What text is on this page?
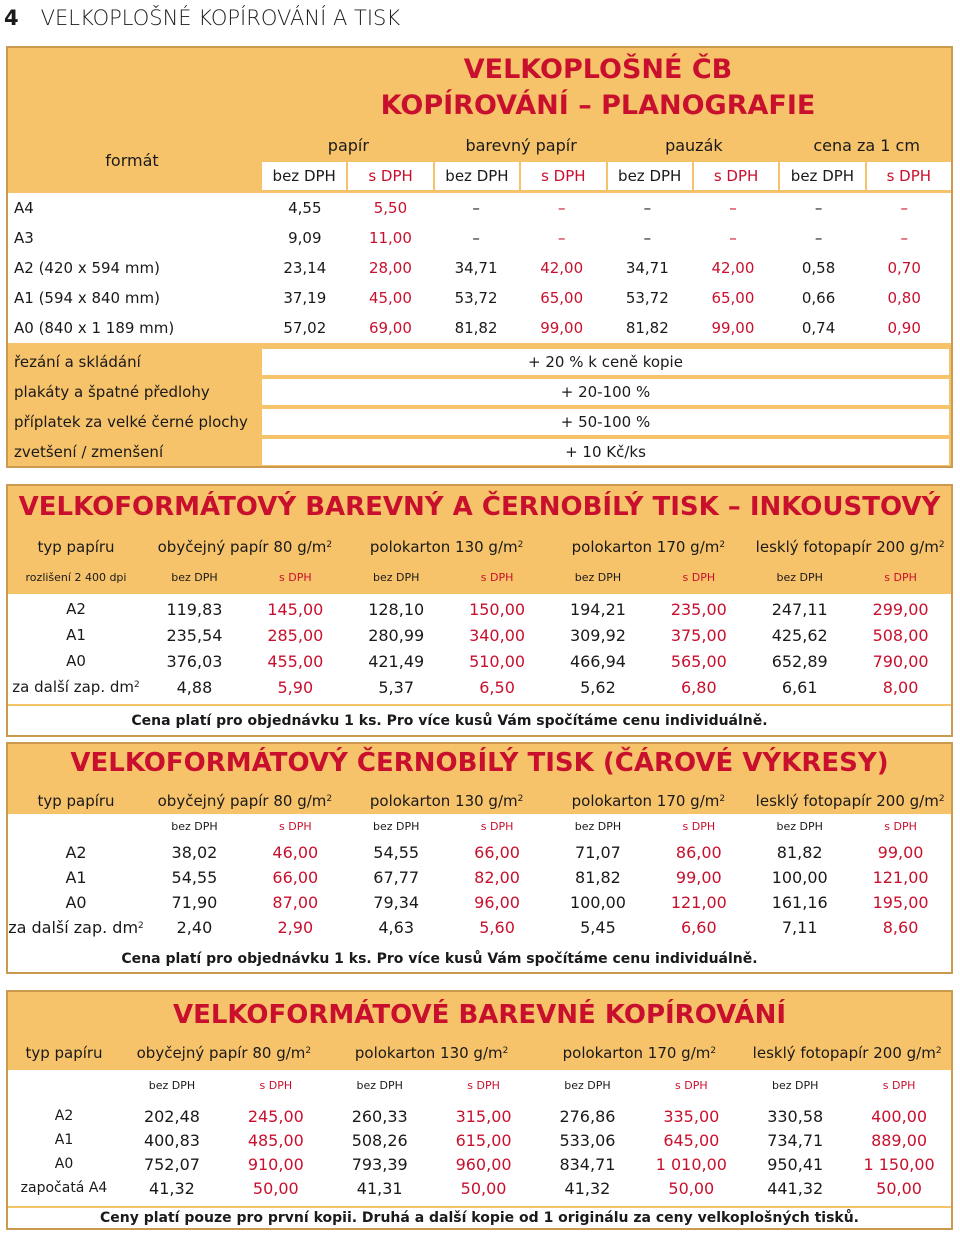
4 VELKOPLOŠNÉ KOPÍROVÁNÍ A TISK
VELKOPLOŠNÉ ČB
KOPÍROVÁNÍ – PLANOGRAFIE
formát
papír	barevný papír	pauzák	cena za 1 cm
bez DPH	s DPH	bez DPH	s DPH	bez DPH	s DPH	bez DPH	s DPH
A4	4,55	5,50	–	–	–	–	–	–
A3	9,09	11,00	–	–	–	–	–	–
A2 (420 x 594 mm)	23,14	28,00	34,71	42,00	34,71	42,00	0,58	0,70
A1 (594 x 840 mm)	37,19	45,00	53,72	65,00	53,72	65,00	0,66	0,80
A0 (840 x 1 189 mm)	57,02	69,00	81,82	99,00	81,82	99,00	0,74	0,90
řezání a skládání	+ 20 % k ceně kopie
plakáty a špatné předlohy	+ 20-100 %
příplatek za velké černé plochy	+ 50-100 %
zvetšení / zmenšení	+ 10 Kč/ks
VELKOFORMÁTOVÝ BAREVNÝ A ČERNOBÍLÝ TISK – INKOUSTOVÝ
typ papíru	obyčejný papír 80 $g/m^2$	polokarton 130 $g/m^2$	polokarton 170 $g/m^2$ lesklý fotopapír 200 $g/m^2$
rozlišení 2 400 dpi	bez DPH	s DPH	bez DPH	s DPH	bez DPH	s DPH	bez DPH	s DPH
A2	119,83	145,00	128,10	150,00	194,21	235,00	247,11	299,00
A1	235,54	285,00	280,99	340,00	309,92	375,00	425,62	508,00
A0	376,03	455,00	421,49	510,00	466,94	565,00	652,89	790,00
za další zap. $dm^2$	4,88	5,90	5,37	6,50	5,62	6,80	6,61	8,00
Cena platí pro objednávku 1 ks. Pro více kusů Vám spočítáme cenu individuálně.
VELKOFORMÁTOVÝ ČERNOBÍLÝ TISK (ČÁROVÉ VÝKRESY)
typ papíru	obyčejný papír 80 $g/m^2$	polokarton 130 $g/m^2$	polokarton 170 $g/m^2$ lesklý fotopapír 200 $g/m^2$
bez DPH	s DPH	bez DPH	s DPH	bez DPH	s DPH	bez DPH	s DPH
A2	38,02	46,00	54,55	66,00	71,07	86,00	81,82	99,00
A1	54,55	66,00	67,77	82,00	81,82	99,00	100,00	121,00
A0	71,90	87,00	79,34	96,00	100,00	121,00	161,16	195,00
za další zap. $dm^2$	2,40	2,90	4,63	5,60	5,45	6,60	7,11	8,60
Cena platí pro objednávku 1 ks. Pro více kusů Vám spočítáme cenu individuálně.
VELKOFORMÁTOVÉ BAREVNÉ KOPÍROVÁNÍ
typ papíru	obyčejný papír 80 $g/m^2$	polokarton 130 $g/m^2$	polokarton 170 $g/m^2$ lesklý fotopapír 200 $g/m^2$
bez DPH	s DPH	bez DPH	s DPH	bez DPH	s DPH	bez DPH	s DPH
A2	202,48	245,00	260,33	315,00	276,86	335,00	330,58	400,00
A1	400,83	485,00	508,26	615,00	533,06	645,00	734,71	889,00
A0	752,07	910,00	793,39	960,00	834,71	1 010,00	950,41	1 150,00
započatá A4	41,32	50,00	41,31	50,00	41,32	50,00	441,32	50,00
Ceny platí pouze pro první kopii. Druhá a další kopie od 1 originálu za ceny velkoplošných tisků.
